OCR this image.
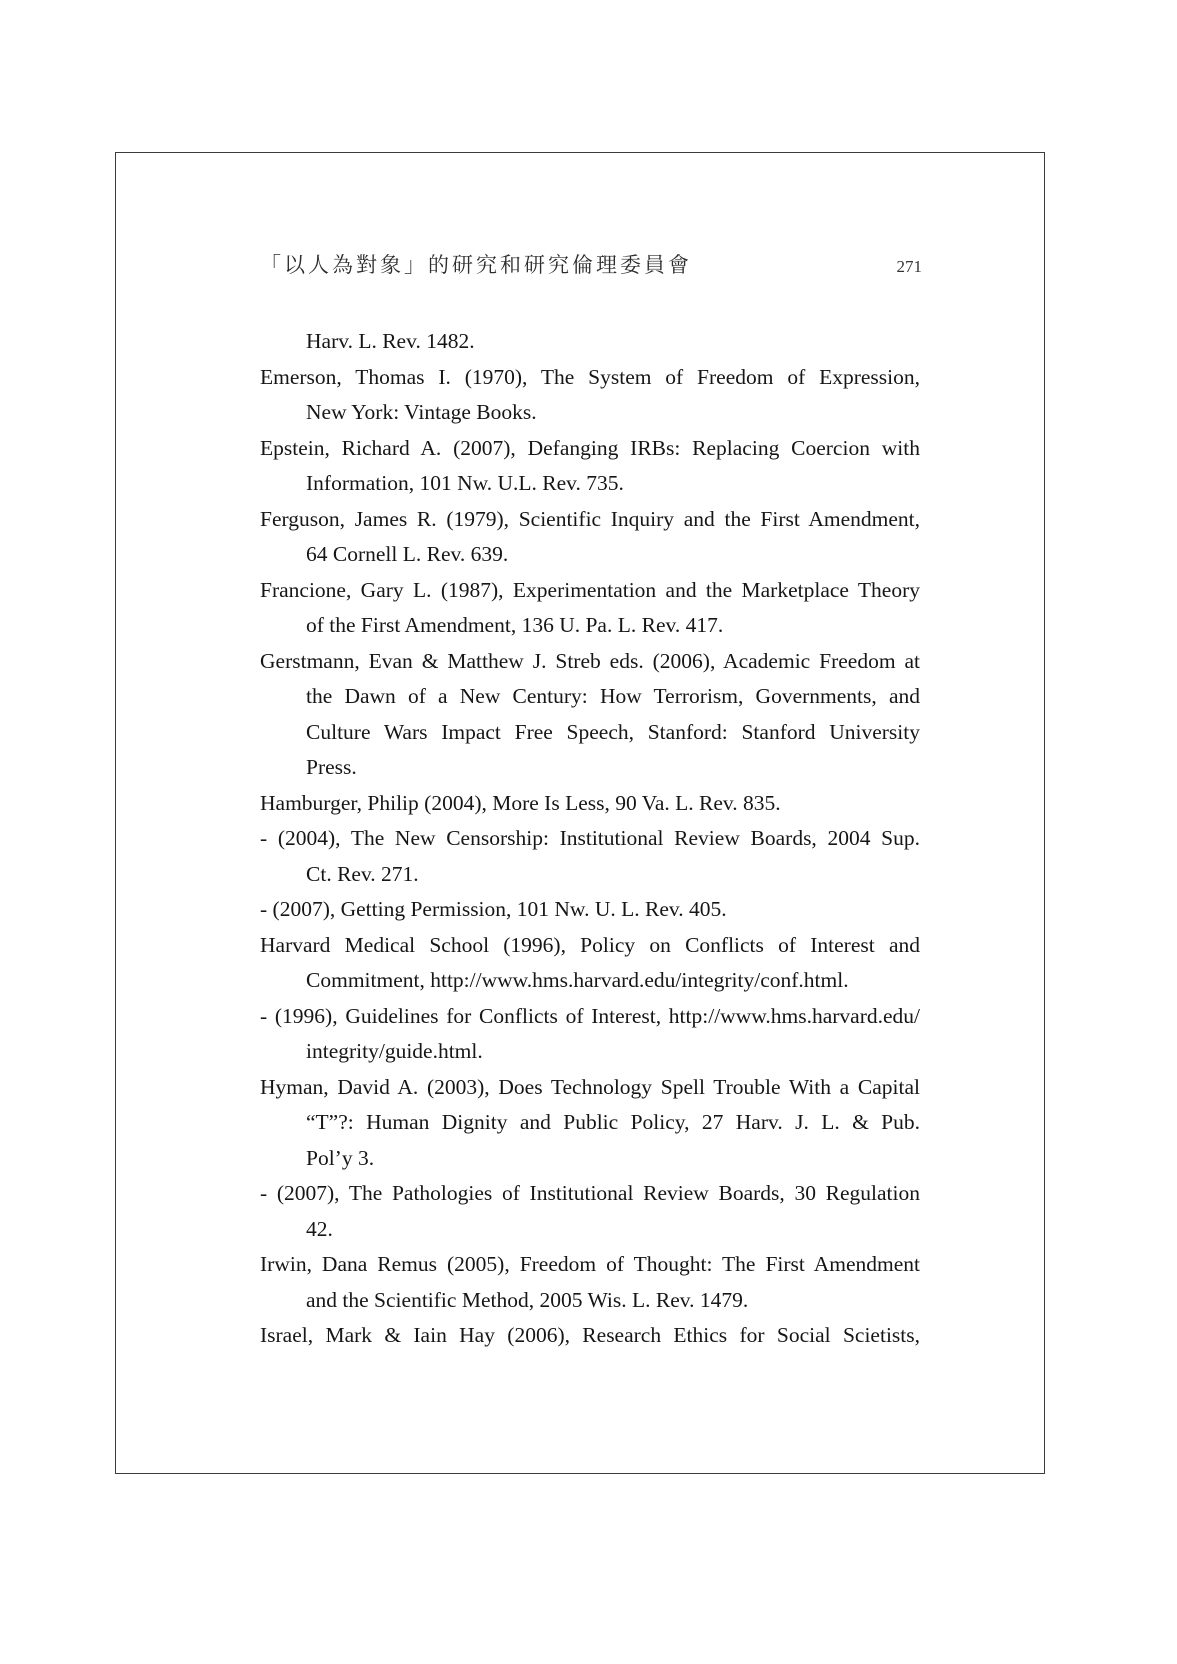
「以人為對象」的研究和研究倫理委員會	271
Harv. L. Rev. 1482.
Emerson, Thomas I. (1970), The System of Freedom of Expression,
New York: Vintage Books.
Epstein, Richard A. (2007), Defanging IRBs: Replacing Coercion with
Information, 101 Nw. U.L. Rev. 735.
Ferguson, James R. (1979), Scientific Inquiry and the First Amendment,
64 Cornell L. Rev. 639.
Francione, Gary L. (1987), Experimentation and the Marketplace Theory
of the First Amendment, 136 U. Pa. L. Rev. 417.
Gerstmann, Evan & Matthew J. Streb eds. (2006), Academic Freedom at
the Dawn of a New Century: How Terrorism, Governments, and
Culture Wars Impact Free Speech, Stanford: Stanford University
Press.
Hamburger, Philip (2004), More Is Less, 90 Va. L. Rev. 835.
- (2004), The New Censorship: Institutional Review Boards, 2004 Sup.
Ct. Rev. 271.
- (2007), Getting Permission, 101 Nw. U. L. Rev. 405.
Harvard Medical School (1996), Policy on Conflicts of Interest and
Commitment, http://www.hms.harvard.edu/integrity/conf.html.
- (1996), Guidelines for Conflicts of Interest, http://www.hms.harvard.edu/
integrity/guide.html.
Hyman, David A. (2003), Does Technology Spell Trouble With a Capital
“T”?: Human Dignity and Public Policy, 27 Harv. J. L. & Pub.
Pol’y 3.
- (2007), The Pathologies of Institutional Review Boards, 30 Regulation
42.
Irwin, Dana Remus (2005), Freedom of Thought: The First Amendment
and the Scientific Method, 2005 Wis. L. Rev. 1479.
Israel, Mark & Iain Hay (2006), Research Ethics for Social Scietists,
